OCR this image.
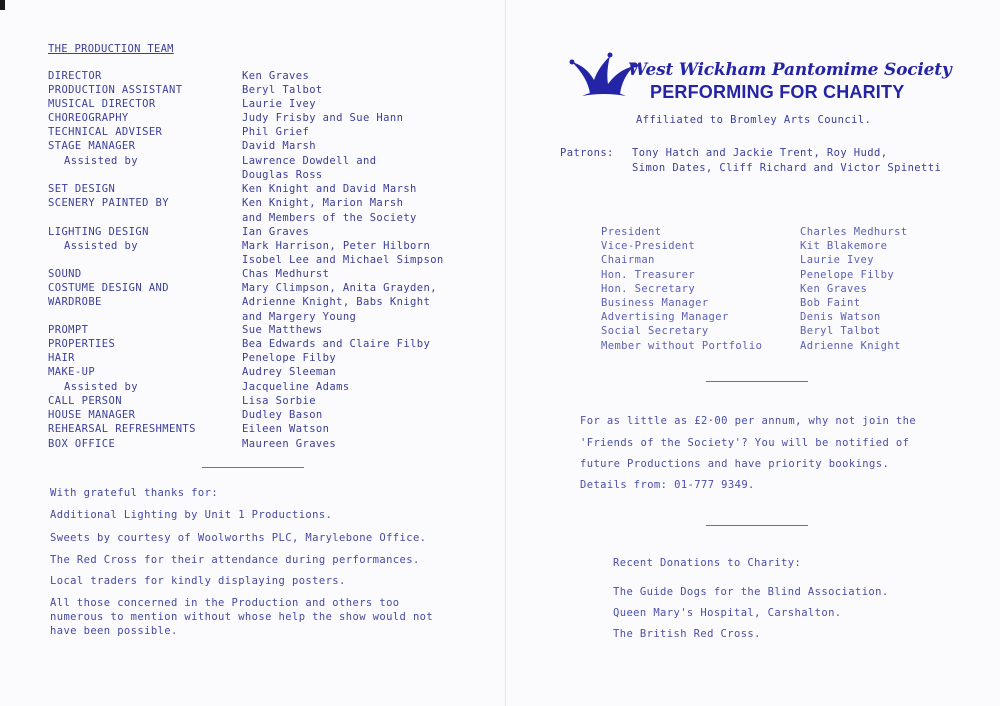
THE PRODUCTION TEAM
DIRECTOR	Ken Graves
PRODUCTION ASSISTANT	Beryl Talbot
MUSICAL DIRECTOR	Laurie Ivey
CHOREOGRAPHY	Judy Frisby and Sue Hann
TECHNICAL ADVISER	Phil Grief
STAGE MANAGER	David Marsh
Assisted by	Lawrence Dowdell and
Douglas Ross
SET DESIGN	Ken Knight and David Marsh
SCENERY PAINTED BY	Ken Knight, Marion Marsh
and Members of the Society
LIGHTING DESIGN	Ian Graves
Assisted by	Mark Harrison, Peter Hilborn
Isobel Lee and Michael Simpson
SOUND	Chas Medhurst
COSTUME DESIGN AND	Mary Climpson, Anita Grayden,
WARDROBE	Adrienne Knight, Babs Knight
and Margery Young
PROMPT	Sue Matthews
PROPERTIES	Bea Edwards and Claire Filby
HAIR	Penelope Filby
MAKE-UP	Audrey Sleeman
Assisted by	Jacqueline Adams
CALL PERSON	Lisa Sorbie
HOUSE MANAGER	Dudley Bason
REHEARSAL REFRESHMENTS	Eileen Watson
BOX OFFICE	Maureen Graves
With grateful thanks for:
Additional Lighting by Unit 1 Productions.
Sweets by courtesy of Woolworths PLC, Marylebone Office.
The Red Cross for their attendance during performances.
Local traders for kindly displaying posters.
All those concerned in the Production and others too numerous to mention without whose help the show would not have been possible.
West Wickham Pantomime Society
PERFORMING FOR CHARITY
Affiliated to Bromley Arts Council.
Patrons: Tony Hatch and Jackie Trent, Roy Hudd,
Simon Dates, Cliff Richard and Victor Spinetti
President	Charles Medhurst
Vice-President	Kit Blakemore
Chairman	Laurie Ivey
Hon. Treasurer	Penelope Filby
Hon. Secretary	Ken Graves
Business Manager	Bob Faint
Advertising Manager	Denis Watson
Social Secretary	Beryl Talbot
Member without Portfolio	Adrienne Knight
For as little as £2·00 per annum, why not join the
'Friends of the Society'? You will be notified of
future Productions and have priority bookings.
Details from: 01-777 9349.
Recent Donations to Charity:
The Guide Dogs for the Blind Association.
Queen Mary's Hospital, Carshalton.
The British Red Cross.
